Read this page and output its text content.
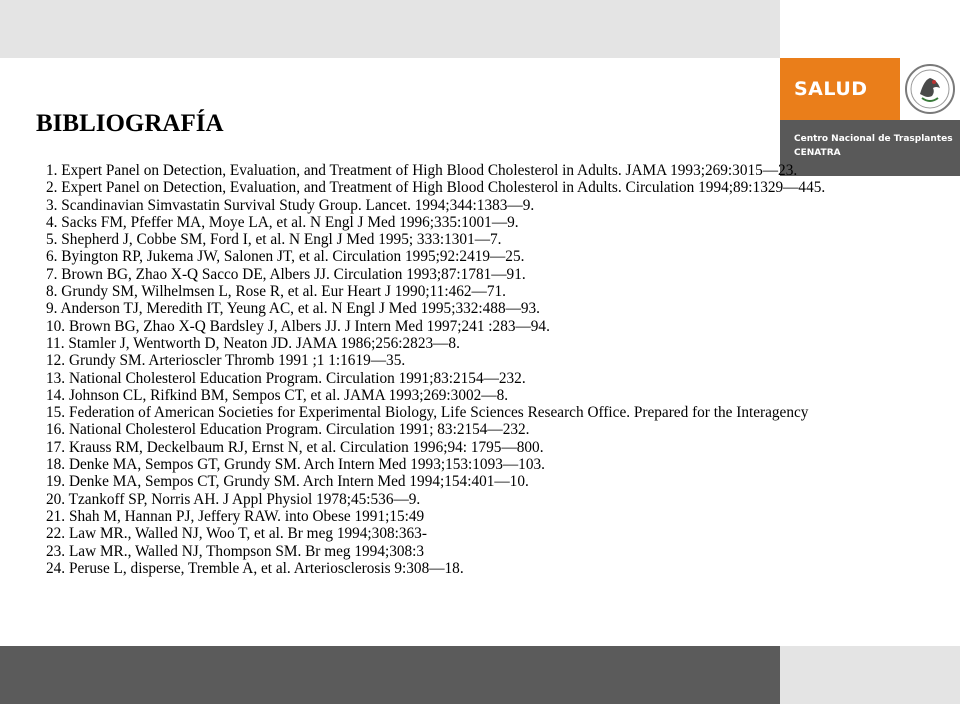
SALUD
Centro Nacional de Trasplantes
CENATRA
BIBLIOGRAFÍA
1. Expert Panel on Detection, Evaluation, and Treatment of High Blood Cholesterol in Adults. JAMA 1993;269:3015—23.
2. Expert Panel on Detection, Evaluation, and Treatment of High Blood Cholesterol in Adults. Circulation 1994;89:1329—445.
3. Scandinavian Simvastatin Survival Study Group. Lancet. 1994;344:1383—9.
4. Sacks FM, Pfeffer MA, Moye LA, et al. N Engl J Med 1996;335:1001—9.
5. Shepherd J, Cobbe SM, Ford I, et al. N Engl J Med 1995; 333:1301—7.
6. Byington RP, Jukema JW, Salonen JT, et al. Circulation 1995;92:2419—25.
7. Brown BG, Zhao X-Q Sacco DE, Albers JJ. Circulation 1993;87:1781—91.
8. Grundy SM, Wilhelmsen L, Rose R, et al. Eur Heart J 1990;11:462—71.
9. Anderson TJ, Meredith IT, Yeung AC, et al. N Engl J Med 1995;332:488—93.
10. Brown BG, Zhao X-Q Bardsley J, Albers JJ. J Intern Med 1997;241 :283—94.
11. Stamler J, Wentworth D, Neaton JD. JAMA 1986;256:2823—8.
12. Grundy SM. Arterioscler Thromb 1991 ;1 1:1619—35.
13. National Cholesterol Education Program. Circulation 1991;83:2154—232.
14. Johnson CL, Rifkind BM, Sempos CT, et al. JAMA 1993;269:3002—8.
15. Federation of American Societies for Experimental Biology, Life Sciences Research Office. Prepared for the Interagency
16. National Cholesterol Education Program. Circulation 1991; 83:2154—232.
17. Krauss RM, Deckelbaum RJ, Ernst N, et al. Circulation 1996;94: 1795—800.
18. Denke MA, Sempos GT, Grundy SM. Arch Intern Med 1993;153:1093—103.
19. Denke MA, Sempos CT, Grundy SM. Arch Intern Med 1994;154:401—10.
20. Tzankoff SP, Norris AH. J Appl Physiol 1978;45:536—9.
21. Shah M, Hannan PJ, Jeffery RAW. into Obese 1991;15:49
22. Law MR., Walled NJ, Woo T, et al. Br meg 1994;308:363-
23. Law MR., Walled NJ, Thompson SM. Br meg 1994;308:3
24. Peruse L, disperse, Tremble A, et al. Arteriosclerosis 9:308—18.
